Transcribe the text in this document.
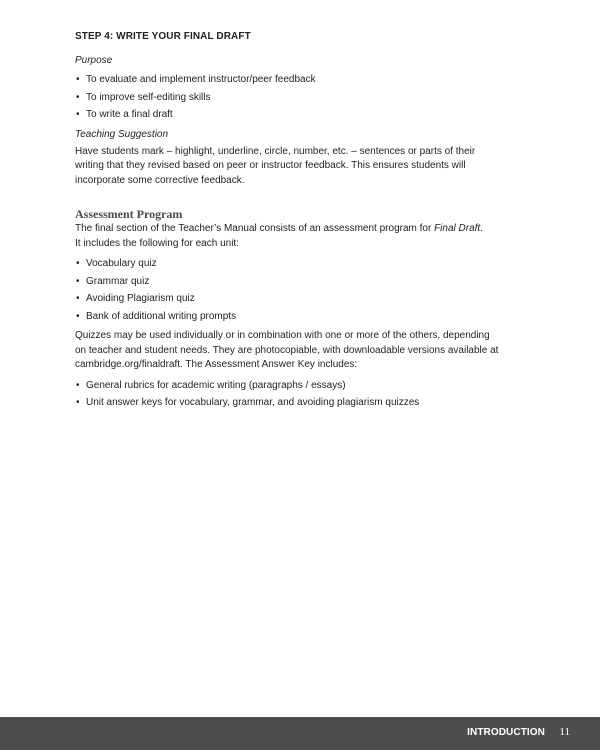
STEP 4: WRITE YOUR FINAL DRAFT
Purpose
• To evaluate and implement instructor/peer feedback
• To improve self-editing skills
• To write a final draft
Teaching Suggestion

Have students mark – highlight, underline, circle, number, etc. – sentences or parts of their
writing that they revised based on peer or instructor feedback. This ensures students will
incorporate some corrective feedback.

Assessment Program

The final section of the Teacher’s Manual consists of an assessment program for Final Draft.
It includes the following for each unit:

• Vocabulary quiz
• Grammar quiz
• Avoiding Plagiarism quiz
• Bank of additional writing prompts

Quizzes may be used individually or in combination with one or more of the others, depending
on teacher and student needs. They are photocopiable, with downloadable versions available at
cambridge.org/finaldraft. The Assessment Answer Key includes:

• General rubrics for academic writing (paragraphs / essays)
• Unit answer keys for vocabulary, grammar, and avoiding plagiarism quizzes
INTRODUCTION 11
